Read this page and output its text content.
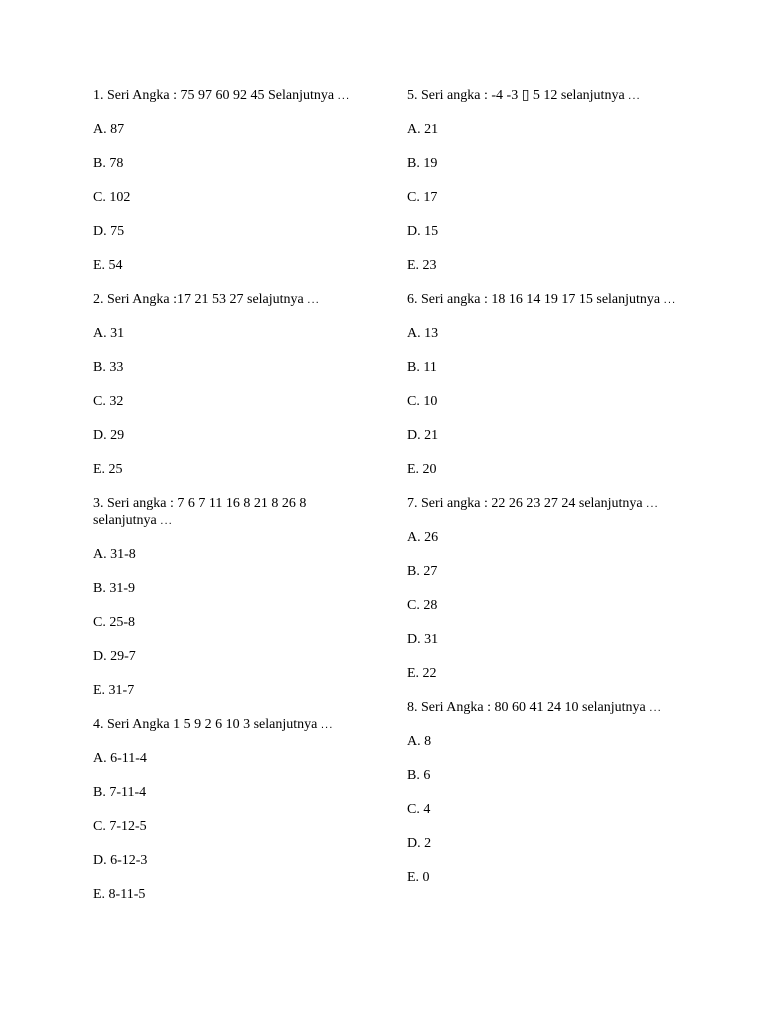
1. Seri Angka : 75 97 60 92 45 Selanjutnya ...

A. 87
B. 78
C. 102
D. 75
E. 54

2. Seri Angka :17 21 53 27 selajutnya ...

A. 31
B. 33
C. 32
D. 29
E. 25

3. Seri angka : 7 6 7 11 16 8 21 8 26 8 selanjutnya ...

A. 31-8
B. 31-9
C. 25-8
D. 29-7
E. 31-7

4. Seri Angka 1 5 9 2 6 10 3 selanjutnya ...

A. 6-11-4
B. 7-11-4
C. 7-12-5
D. 6-12-3
E. 8-11-5

5. Seri angka : -4 -3 ▯ 5 12 selanjutnya ...

A. 21
B. 19
C. 17
D. 15
E. 23

6. Seri angka : 18 16 14 19 17 15 selanjutnya ...

A. 13
B. 11
C. 10
D. 21
E. 20

7. Seri angka : 22 26 23 27 24 selanjutnya ...

A. 26
B. 27
C. 28
D. 31
E. 22

8. Seri Angka : 80 60 41 24 10 selanjutnya ...

A. 8
B. 6
C. 4
D. 2
E. 0
